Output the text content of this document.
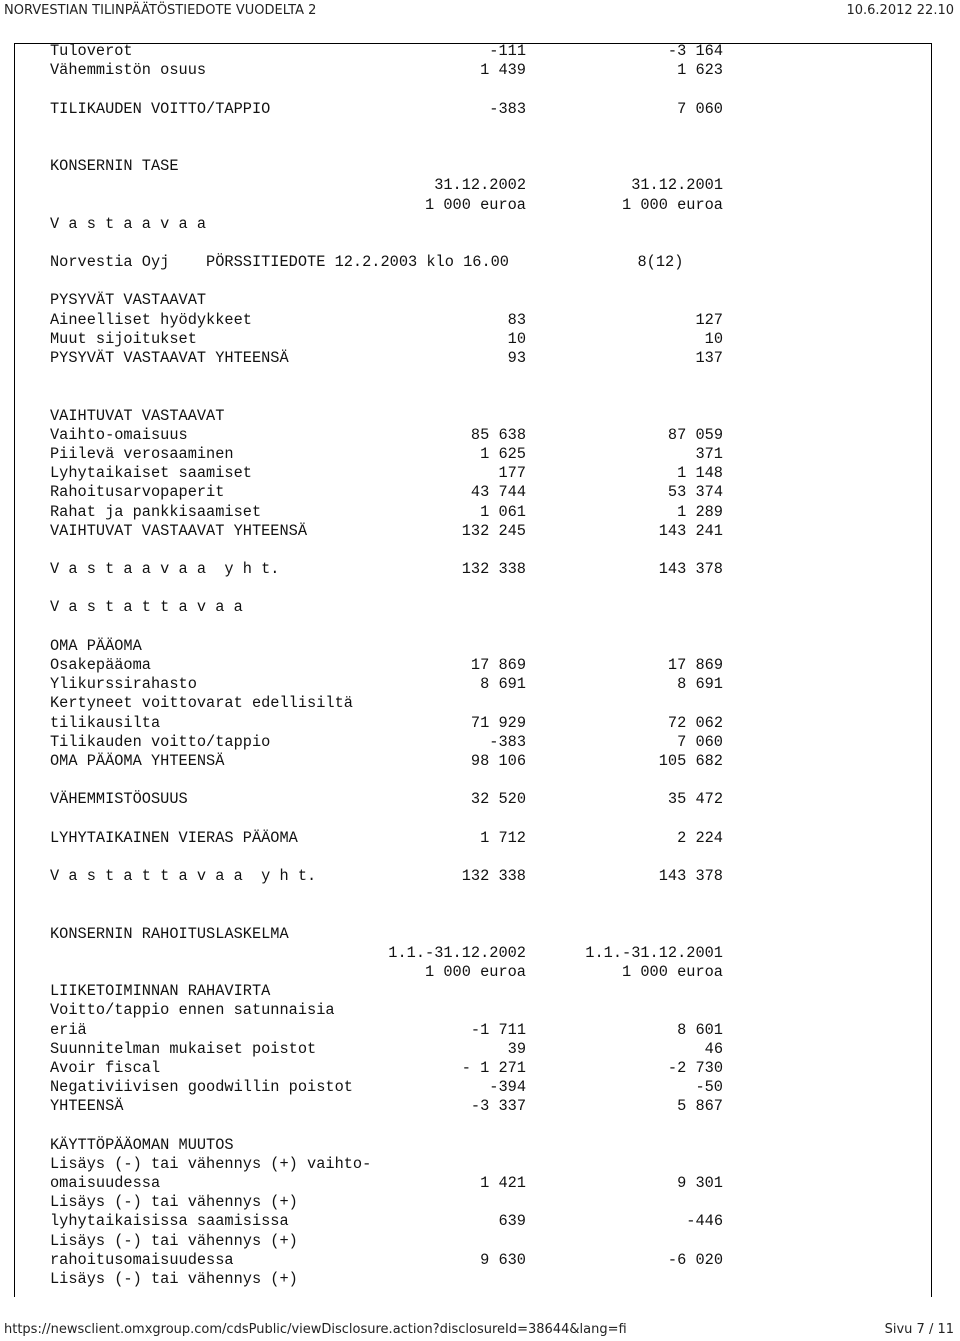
NORVESTIAN TILINPÄÄTÖSTIEDOTE VUODELTA 2	10.6.2012 22.10
Tuloverot	-111	-3 164
Vähemmistön osuus	1 439	1 623
TILIKAUDEN VOITTO/TAPPIO	-383	7 060
KONSERNIN TASE
31.12.2002	31.12.2001
1 000 euroa	1 000 euroa
V a s t a a v a a
Norvestia Oyj    PÖRSSITIEDOTE 12.2.2003 klo 16.00              8(12)
PYSYVÄT VASTAAVAT
Aineelliset hyödykkeet	83	127
Muut sijoitukset	10	10
PYSYVÄT VASTAAVAT YHTEENSÄ	93	137
VAIHTUVAT VASTAAVAT
Vaihto-omaisuus	85 638	87 059
Piilevä verosaaminen	1 625	371
Lyhytaikaiset saamiset	177	1 148
Rahoitusarvopaperit	43 744	53 374
Rahat ja pankkisaamiset	1 061	1 289
VAIHTUVAT VASTAAVAT YHTEENSÄ	132 245	143 241
V a s t a a v a a  y h t.	132 338	143 378
V a s t a t t a v a a
OMA PÄÄOMA
Osakepääoma	17 869	17 869
Ylikurssirahasto	8 691	8 691
Kertyneet voittovarat edellisiltä
tilikausilta	71 929	72 062
Tilikauden voitto/tappio	-383	7 060
OMA PÄÄOMA YHTEENSÄ	98 106	105 682
VÄHEMMISTÖOSUUS	32 520	35 472
LYHYTAIKAINEN VIERAS PÄÄOMA	1 712	2 224
V a s t a t t a v a a  y h t.	132 338	143 378
KONSERNIN RAHOITUSLASKELMA
1.1.-31.12.2002	1.1.-31.12.2001
1 000 euroa	1 000 euroa
LIIKETOIMINNAN RAHAVIRTA
Voitto/tappio ennen satunnaisia
eriä	-1 711	8 601
Suunnitelman mukaiset poistot	39	46
Avoir fiscal	- 1 271	-2 730
Negativiivisen goodwillin poistot	-394	-50
YHTEENSÄ	-3 337	5 867
KÄYTTÖPÄÄOMAN MUUTOS
Lisäys (-) tai vähennys (+) vaihto-
omaisuudessa	1 421	9 301
Lisäys (-) tai vähennys (+)
lyhytaikaisissa saamisissa	639	-446
Lisäys (-) tai vähennys (+)
rahoitusomaisuudessa	9 630	-6 020
Lisäys (-) tai vähennys (+)
https://newsclient.omxgroup.com/cdsPublic/viewDisclosure.action?disclosureId=38644&lang=fi	Sivu 7 / 11
